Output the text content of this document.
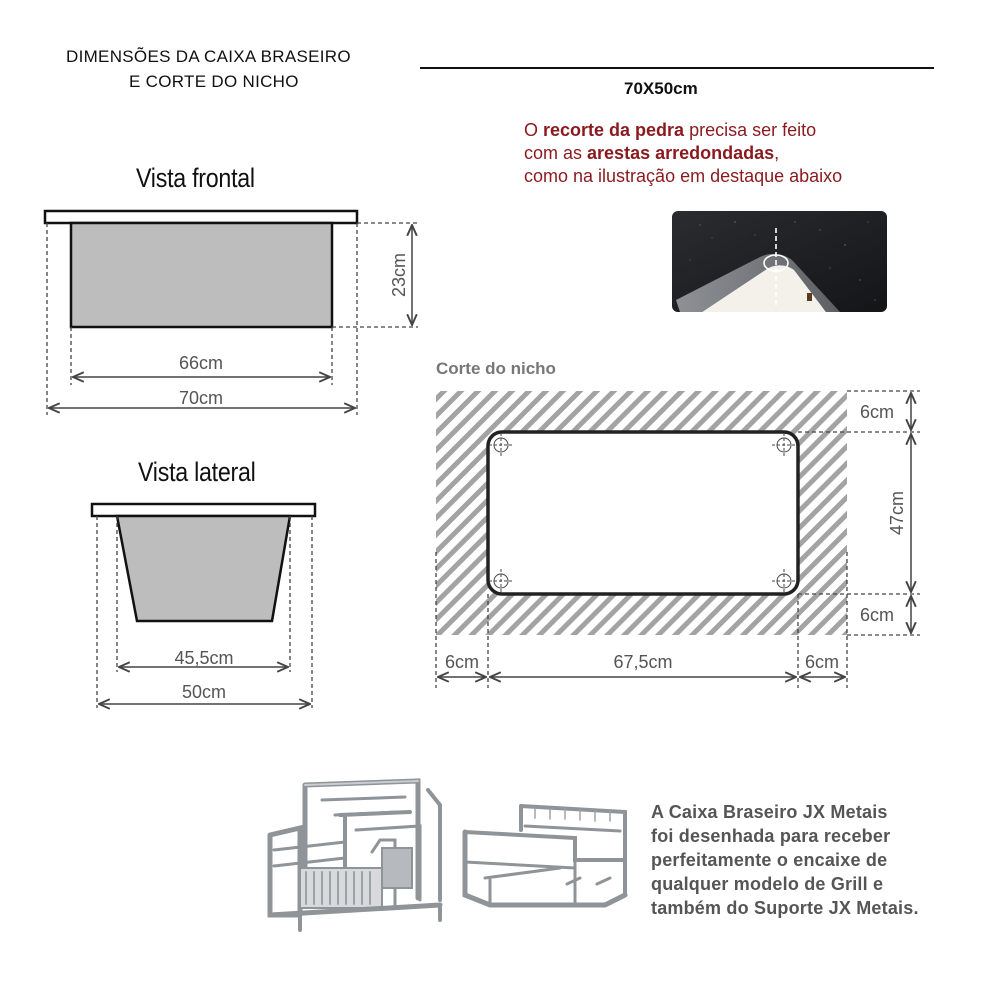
DIMENSÕES DA CAIXA BRASEIRO
E CORTE DO NICHO	70X50cm
O recorte da pedra precisa ser feito
com as arestas arredondadas,
como na ilustração em destaque abaixo
Vista frontal
Vista lateral
A Caixa Braseiro JX Metais
foi desenhada para receber
perfeitamente o encaixe de
qualquer modelo de Grill e
também do Suporte JX Metais.
23cm
66cm
70cm
45,5cm
50cm
Corte do nicho
6cm
47cm
6cm
6cm	67,5cm	6cm
